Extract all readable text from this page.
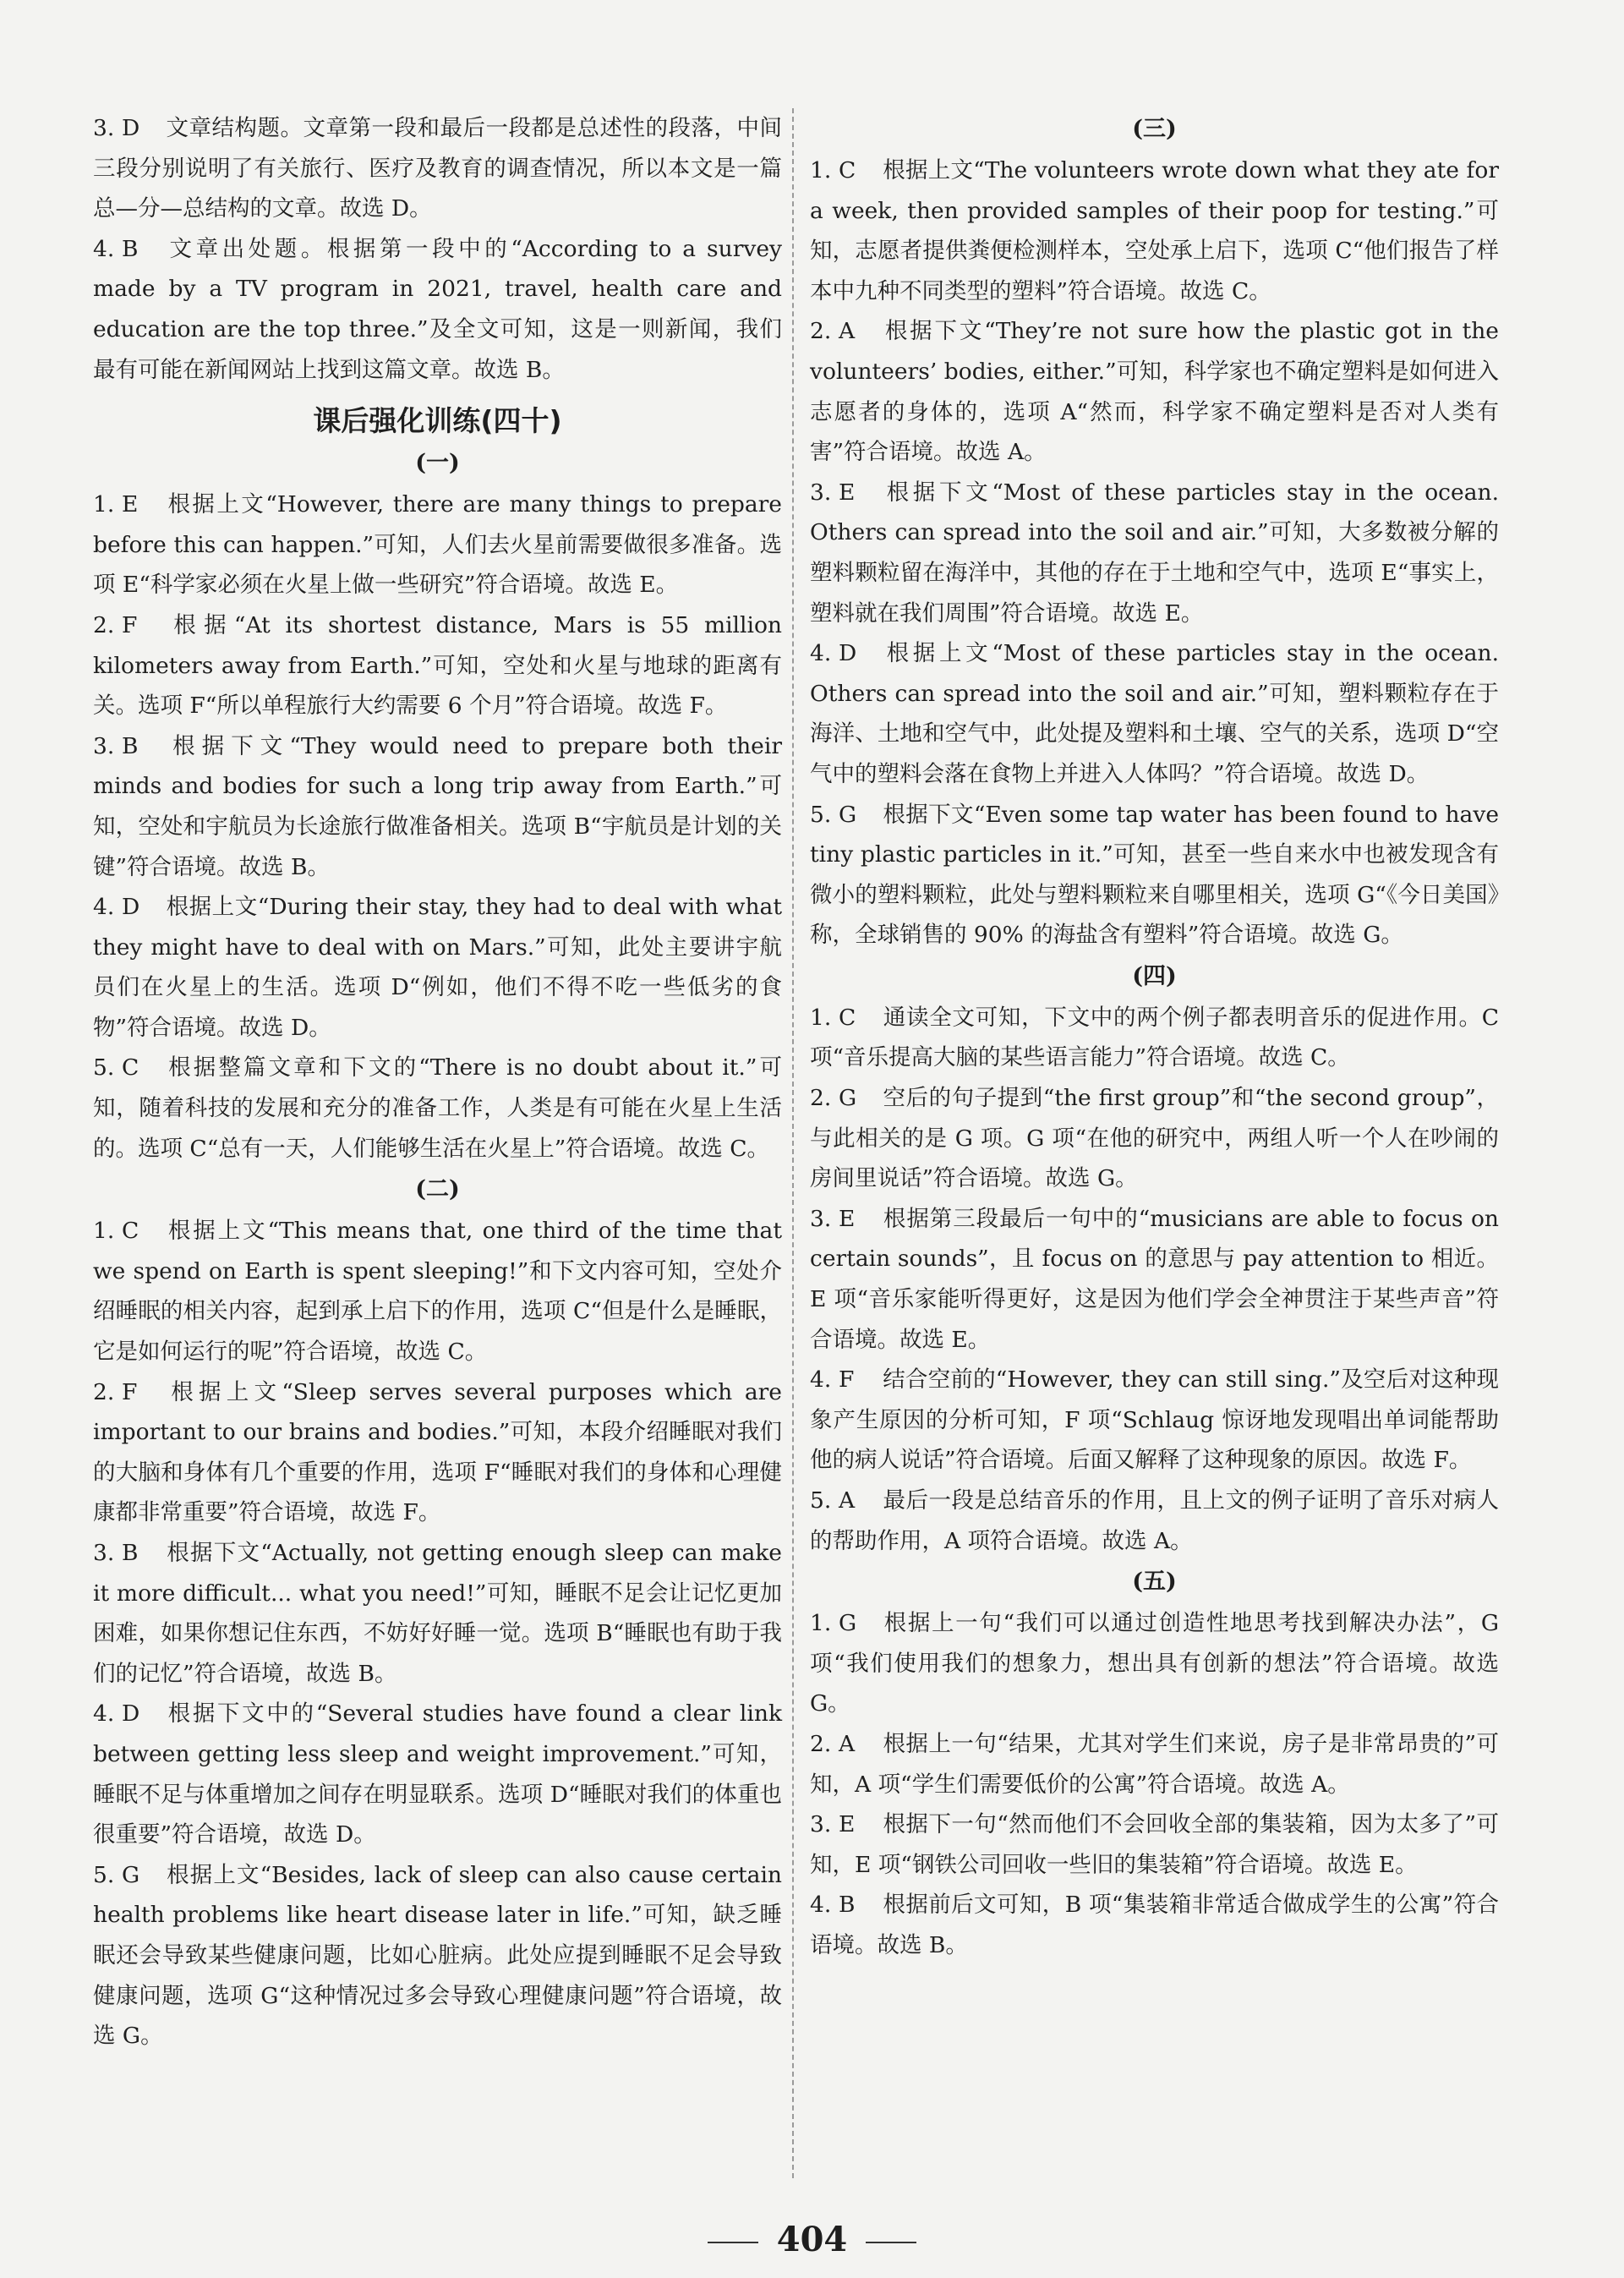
3. D 文章结构题。文章第一段和最后一段都是总述性的段落，中间三段分别说明了有关旅行、医疗及教育的调查情况，所以本文是一篇总—分—总结构的文章。故选 D。

4. B 文章出处题。根据第一段中的“According to a survey made by a TV program in 2021, travel, health care and education are the top three.”及全文可知，这是一则新闻，我们最有可能在新闻网站上找到这篇文章。故选 B。

课后强化训练(四十)
(一)

1. E 根据上文“However, there are many things to prepare before this can happen.”可知，人们去火星前需要做很多准备。选项 E“科学家必须在火星上做一些研究”符合语境。故选 E。

2. F 根据“At its shortest distance, Mars is 55 million kilometers away from Earth.”可知，空处和火星与地球的距离有关。选项 F“所以单程旅行大约需要 6 个月”符合语境。故选 F。

3. B 根据下文“They would need to prepare both their minds and bodies for such a long trip away from Earth.”可知，空处和宇航员为长途旅行做准备相关。选项 B“宇航员是计划的关键”符合语境。故选 B。

4. D 根据上文“During their stay, they had to deal with what they might have to deal with on Mars.”可知，此处主要讲宇航员们在火星上的生活。选项 D“例如，他们不得不吃一些低劣的食物”符合语境。故选 D。

5. C 根据整篇文章和下文的“There is no doubt about it.”可知，随着科技的发展和充分的准备工作，人类是有可能在火星上生活的。选项 C“总有一天，人们能够生活在火星上”符合语境。故选 C。

(二)

1. C 根据上文“This means that, one third of the time that we spend on Earth is spent sleeping!”和下文内容可知，空处介绍睡眠的相关内容，起到承上启下的作用，选项 C“但是什么是睡眠，它是如何运行的呢”符合语境，故选 C。

2. F 根据上文“Sleep serves several purposes which are important to our brains and bodies.”可知，本段介绍睡眠对我们的大脑和身体有几个重要的作用，选项 F“睡眠对我们的身体和心理健康都非常重要”符合语境，故选 F。

3. B 根据下文“Actually, not getting enough sleep can make it more difficult... what you need!”可知，睡眠不足会让记忆更加困难，如果你想记住东西，不妨好好睡一觉。选项 B“睡眠也有助于我们的记忆”符合语境，故选 B。

4. D 根据下文中的“Several studies have found a clear link between getting less sleep and weight improvement.”可知，睡眠不足与体重增加之间存在明显联系。选项 D“睡眠对我们的体重也很重要”符合语境，故选 D。

5. G 根据上文“Besides, lack of sleep can also cause certain health problems like heart disease later in life.”可知，缺乏睡眠还会导致某些健康问题，比如心脏病。此处应提到睡眠不足会导致健康问题，选项 G“这种情况过多会导致心理健康问题”符合语境，故选 G。

(三)

1. C 根据上文“The volunteers wrote down what they ate for a week, then provided samples of their poop for testing.”可知，志愿者提供粪便检测样本，空处承上启下，选项 C“他们报告了样本中九种不同类型的塑料”符合语境。故选 C。

2. A 根据下文“They’re not sure how the plastic got in the volunteers’ bodies, either.”可知，科学家也不确定塑料是如何进入志愿者的身体的，选项 A“然而，科学家不确定塑料是否对人类有害”符合语境。故选 A。

3. E 根据下文“Most of these particles stay in the ocean. Others can spread into the soil and air.”可知，大多数被分解的塑料颗粒留在海洋中，其他的存在于土地和空气中，选项 E“事实上，塑料就在我们周围”符合语境。故选 E。

4. D 根据上文“Most of these particles stay in the ocean. Others can spread into the soil and air.”可知，塑料颗粒存在于海洋、土地和空气中，此处提及塑料和土壤、空气的关系，选项 D“空气中的塑料会落在食物上并进入人体吗？”符合语境。故选 D。

5. G 根据下文“Even some tap water has been found to have tiny plastic particles in it.”可知，甚至一些自来水中也被发现含有微小的塑料颗粒，此处与塑料颗粒来自哪里相关，选项 G“《今日美国》称，全球销售的 90% 的海盐含有塑料”符合语境。故选 G。

(四)

1. C 通读全文可知，下文中的两个例子都表明音乐的促进作用。C 项“音乐提高大脑的某些语言能力”符合语境。故选 C。

2. G 空后的句子提到“the first group”和“the second group”，与此相关的是 G 项。G 项“在他的研究中，两组人听一个人在吵闹的房间里说话”符合语境。故选 G。

3. E 根据第三段最后一句中的“musicians are able to focus on certain sounds”，且 focus on 的意思与 pay attention to 相近。E 项“音乐家能听得更好，这是因为他们学会全神贯注于某些声音”符合语境。故选 E。

4. F 结合空前的“However, they can still sing.”及空后对这种现象产生原因的分析可知，F 项“Schlaug 惊讶地发现唱出单词能帮助他的病人说话”符合语境。后面又解释了这种现象的原因。故选 F。

5. A 最后一段是总结音乐的作用，且上文的例子证明了音乐对病人的帮助作用，A 项符合语境。故选 A。

(五)

1. G 根据上一句“我们可以通过创造性地思考找到解决办法”，G 项“我们使用我们的想象力，想出具有创新的想法”符合语境。故选 G。

2. A 根据上一句“结果，尤其对学生们来说，房子是非常昂贵的”可知，A 项“学生们需要低价的公寓”符合语境。故选 A。

3. E 根据下一句“然而他们不会回收全部的集装箱，因为太多了”可知，E 项“钢铁公司回收一些旧的集装箱”符合语境。故选 E。

4. B 根据前后文可知，B 项“集装箱非常适合做成学生的公寓”符合语境。故选 B。

404
